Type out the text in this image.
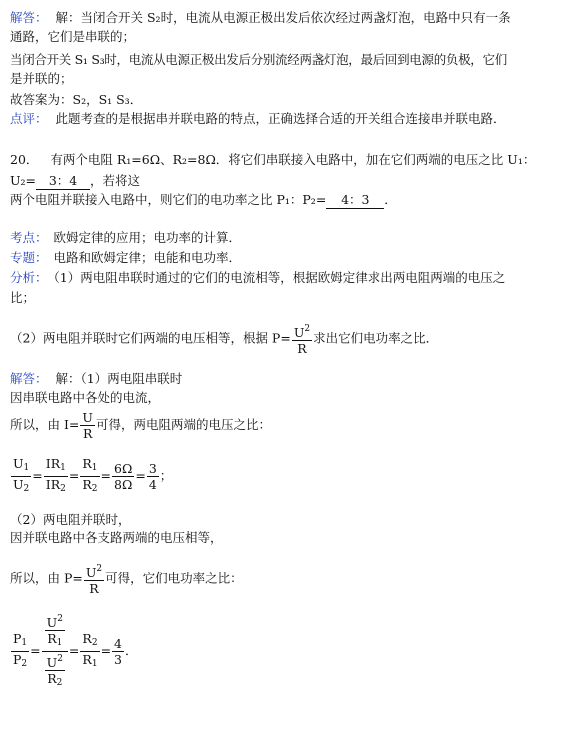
解答： 解：当闭合开关 S₂时，电流从电源正极出发后依次经过两盏灯泡，电路中只有一条
通路，它们是串联的；
当闭合开关 S₁ S₃时，电流从电源正极出发后分别流经两盏灯泡，最后回到电源的负极，它们
是并联的；
故答案为：S₂，S₁ S₃．
点评： 此题考查的是根据串并联电路的特点，正确选择合适的开关组合连接串并联电路．
20． 有两个电阻 R₁=6Ω、R₂=8Ω．将它们串联接入电路中，加在它们两端的电压之比 U₁：
U₂= 3：4 ，若将这
两个电阻并联接入电路中，则它们的电功率之比 P₁：P₂= 4：3 ．
考点： 欧姆定律的应用；电功率的计算．
专题： 电路和欧姆定律；电能和电功率．
分析： （1）两电阻串联时通过的它们的电流相等，根据欧姆定律求出两电阻两端的电压之
比；
（2）两电阻并联时它们两端的电压相等，根据 $P= \frac{U^2}{R}$ 求出它们电功率之比．
解答： 解：（1）两电阻串联时
因串联电路中各处的电流，
所以，由 $I= \frac{U}{R}$ 可得，两电阻两端的电压之比：
$\frac{U_1}{U_2} = \frac{IR_1}{IR_2} = \frac{R_1}{R_2} = \frac{6\Omega}{8\Omega} = \frac{3}{4}$ ；
（2）两电阻并联时，
因并联电路中各支路两端的电压相等，
所以，由 $P= \frac{U^2}{R}$ 可得，它们电功率之比：
$\frac{P_1}{P_2} = \frac{\frac{U^2}{R_1}}{\frac{U^2}{R_2}} = \frac{R_2}{R_1} = \frac{4}{3}$ ．
